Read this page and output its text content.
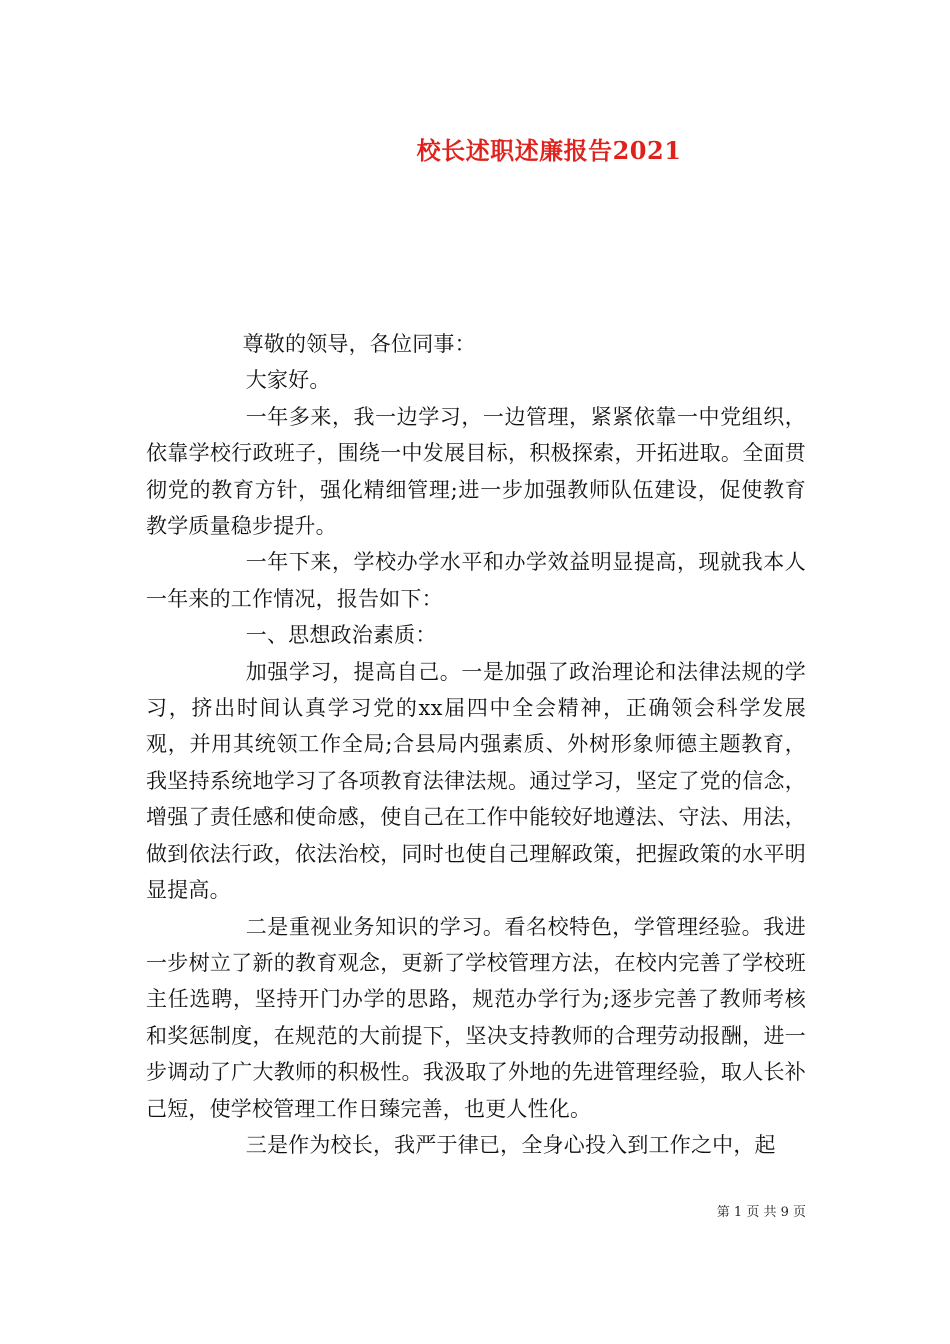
校长述职述廉报告2021

尊敬的领导，各位同事：

大家好。

一年多来，我一边学习，一边管理，紧紧依靠一中党组织，依靠学校行政班子，围绕一中发展目标，积极探索，开拓进取。全面贯彻党的教育方针，强化精细管理;进一步加强教师队伍建设，促使教育教学质量稳步提升。

一年下来，学校办学水平和办学效益明显提高，现就我本人一年来的工作情况，报告如下：

一、思想政治素质：

加强学习，提高自己。一是加强了政治理论和法律法规的学习，挤出时间认真学习党的xx届四中全会精神，正确领会科学发展观，并用其统领工作全局;合县局内强素质、外树形象师德主题教育，我坚持系统地学习了各项教育法律法规。通过学习，坚定了党的信念，增强了责任感和使命感，使自己在工作中能较好地遵法、守法、用法，做到依法行政，依法治校，同时也使自己理解政策，把握政策的水平明显提高。

二是重视业务知识的学习。看名校特色，学管理经验。我进一步树立了新的教育观念，更新了学校管理方法，在校内完善了学校班主任选聘，坚持开门办学的思路，规范办学行为;逐步完善了教师考核和奖惩制度，在规范的大前提下，坚决支持教师的合理劳动报酬，进一步调动了广大教师的积极性。我汲取了外地的先进管理经验，取人长补己短，使学校管理工作日臻完善，也更人性化。

三是作为校长，我严于律已，全身心投入到工作之中，起

第 1 页 共 9 页
